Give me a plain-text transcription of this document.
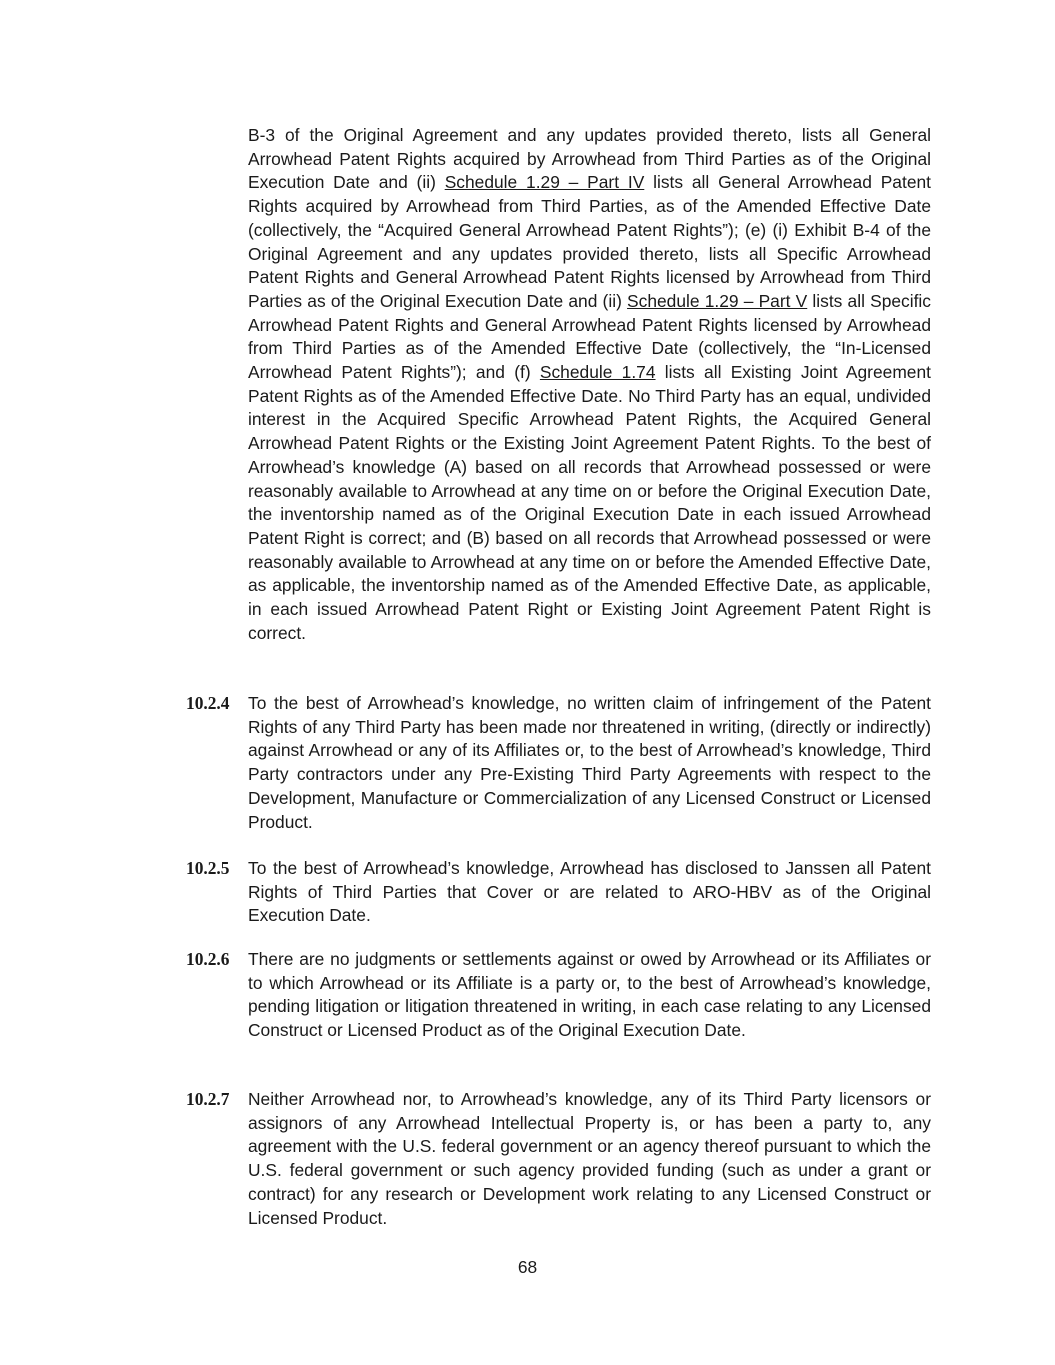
B-3 of the Original Agreement and any updates provided thereto, lists all General Arrowhead Patent Rights acquired by Arrowhead from Third Parties as of the Original Execution Date and (ii) Schedule 1.29 – Part IV lists all General Arrowhead Patent Rights acquired by Arrowhead from Third Parties, as of the Amended Effective Date (collectively, the “Acquired General Arrowhead Patent Rights”); (e) (i) Exhibit B-4 of the Original Agreement and any updates provided thereto, lists all Specific Arrowhead Patent Rights and General Arrowhead Patent Rights licensed by Arrowhead from Third Parties as of the Original Execution Date and (ii) Schedule 1.29 – Part V lists all Specific Arrowhead Patent Rights and General Arrowhead Patent Rights licensed by Arrowhead from Third Parties as of the Amended Effective Date (collectively, the “In-Licensed Arrowhead Patent Rights”); and (f) Schedule 1.74 lists all Existing Joint Agreement Patent Rights as of the Amended Effective Date. No Third Party has an equal, undivided interest in the Acquired Specific Arrowhead Patent Rights, the Acquired General Arrowhead Patent Rights or the Existing Joint Agreement Patent Rights. To the best of Arrowhead’s knowledge (A) based on all records that Arrowhead possessed or were reasonably available to Arrowhead at any time on or before the Original Execution Date, the inventorship named as of the Original Execution Date in each issued Arrowhead Patent Right is correct; and (B) based on all records that Arrowhead possessed or were reasonably available to Arrowhead at any time on or before the Amended Effective Date, as applicable, the inventorship named as of the Amended Effective Date, as applicable, in each issued Arrowhead Patent Right or Existing Joint Agreement Patent Right is correct.

10.2.4 To the best of Arrowhead’s knowledge, no written claim of infringement of the Patent Rights of any Third Party has been made nor threatened in writing, (directly or indirectly) against Arrowhead or any of its Affiliates or, to the best of Arrowhead’s knowledge, Third Party contractors under any Pre-Existing Third Party Agreements with respect to the Development, Manufacture or Commercialization of any Licensed Construct or Licensed Product.

10.2.5 To the best of Arrowhead’s knowledge, Arrowhead has disclosed to Janssen all Patent Rights of Third Parties that Cover or are related to ARO-HBV as of the Original Execution Date.

10.2.6 There are no judgments or settlements against or owed by Arrowhead or its Affiliates or to which Arrowhead or its Affiliate is a party or, to the best of Arrowhead’s knowledge, pending litigation or litigation threatened in writing, in each case relating to any Licensed Construct or Licensed Product as of the Original Execution Date.

10.2.7 Neither Arrowhead nor, to Arrowhead’s knowledge, any of its Third Party licensors or assignors of any Arrowhead Intellectual Property is, or has been a party to, any agreement with the U.S. federal government or an agency thereof pursuant to which the U.S. federal government or such agency provided funding (such as under a grant or contract) for any research or Development work relating to any Licensed Construct or Licensed Product.

68
